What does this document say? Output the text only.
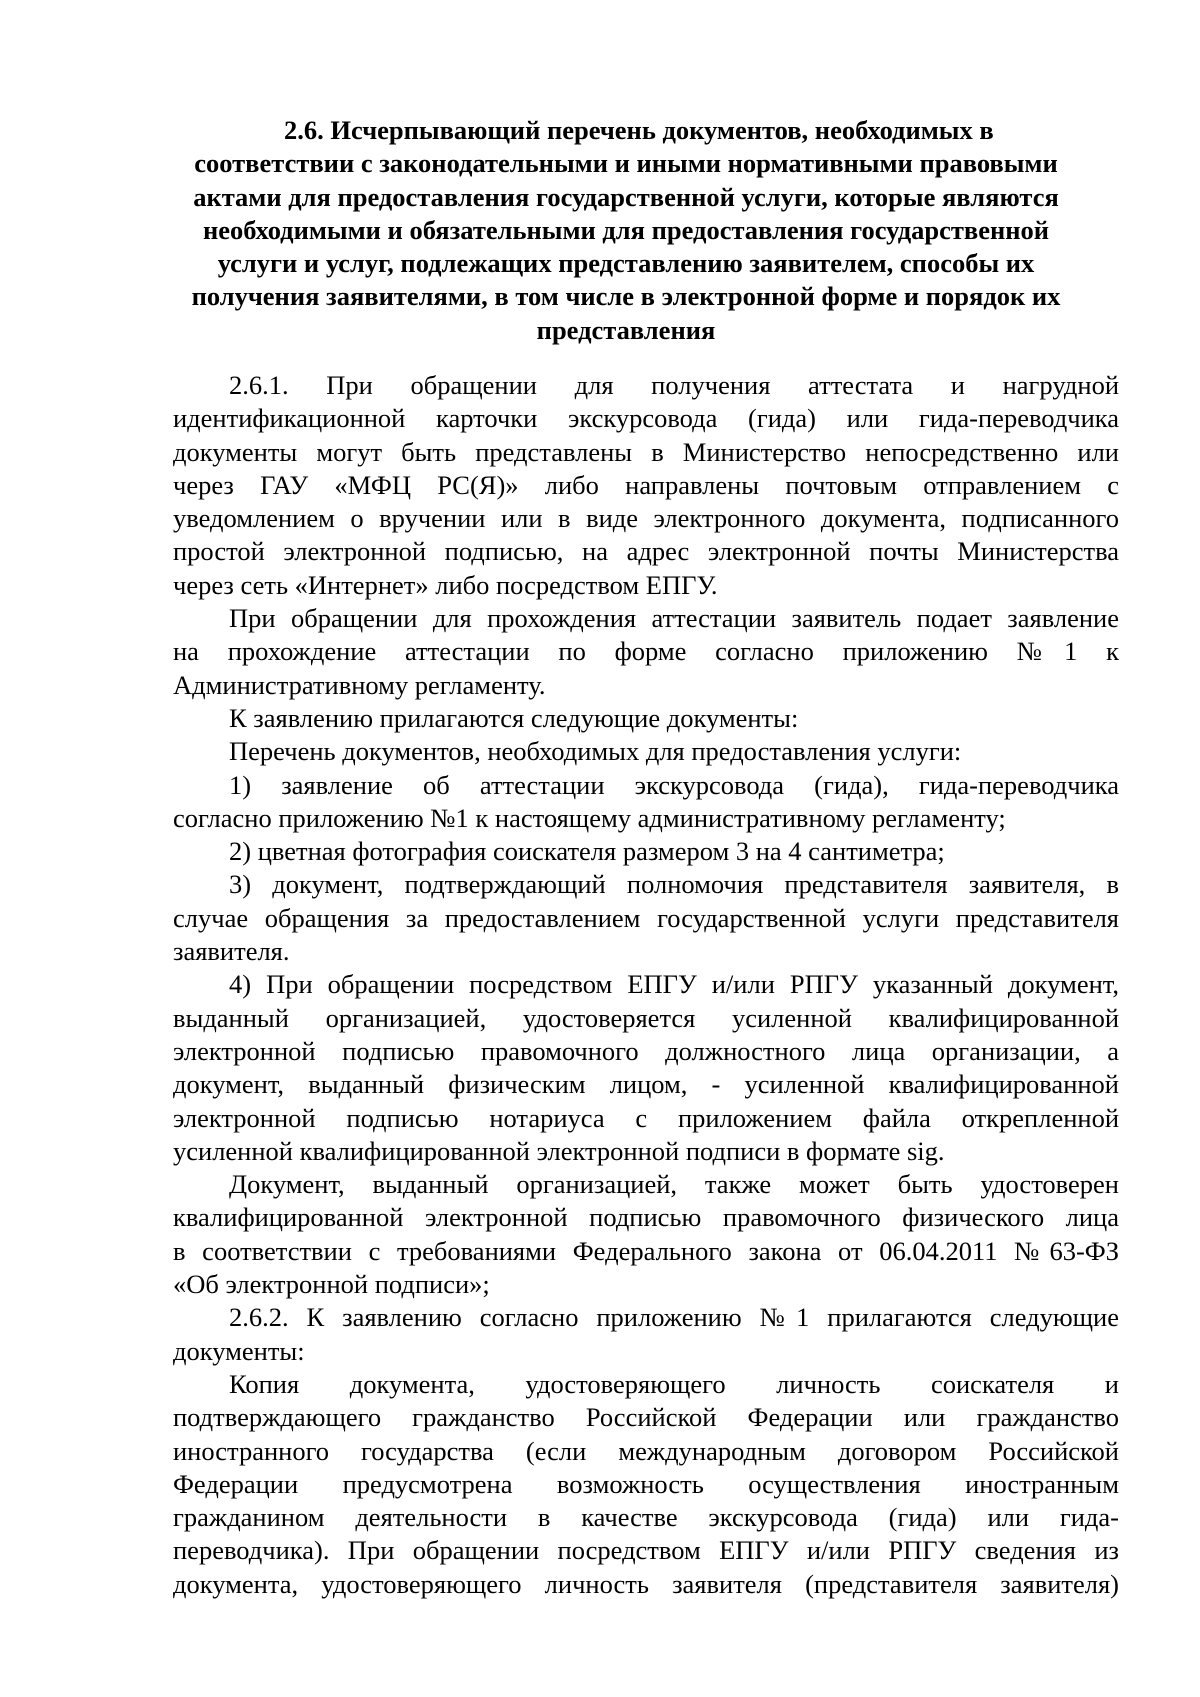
2.6. Исчерпывающий перечень документов, необходимых в
соответствии с законодательными и иными нормативными правовыми
актами для предоставления государственной услуги, которые являются
необходимыми и обязательными для предоставления государственной
услуги и услуг, подлежащих представлению заявителем, способы их
получения заявителями, в том числе в электронной форме и порядок их
представления
2.6.1. При обращении для получения аттестата и нагрудной
идентификационной карточки экскурсовода (гида) или гида-переводчика
документы могут быть представлены в Министерство непосредственно или
через ГАУ «МФЦ РС(Я)» либо направлены почтовым отправлением с
уведомлением о вручении или в виде электронного документа, подписанного
простой электронной подписью, на адрес электронной почты Министерства
через сеть «Интернет» либо посредством ЕПГУ.
При обращении для прохождения аттестации заявитель подает заявление
на прохождение аттестации по форме согласно приложению №1 к
Административному регламенту.
К заявлению прилагаются следующие документы:
Перечень документов, необходимых для предоставления услуги:
1) заявление об аттестации экскурсовода (гида), гида-переводчика
согласно приложению №1 к настоящему административному регламенту;
2) цветная фотография соискателя размером 3 на 4 сантиметра;
3) документ, подтверждающий полномочия представителя заявителя, в
случае обращения за предоставлением государственной услуги представителя
заявителя.
4) При обращении посредством ЕПГУ и/или РПГУ указанный документ,
выданный организацией, удостоверяется усиленной квалифицированной
электронной подписью правомочного должностного лица организации, а
документ, выданный физическим лицом, - усиленной квалифицированной
электронной подписью нотариуса с приложением файла открепленной
усиленной квалифицированной электронной подписи в формате sig.
Документ, выданный организацией, также может быть удостоверен
квалифицированной электронной подписью правомочного физического лица
в соответствии с требованиями Федерального закона от 06.04.2011 №63-ФЗ
«Об электронной подписи»;
2.6.2. К заявлению согласно приложению №1 прилагаются следующие
документы:
Копия документа, удостоверяющего личность соискателя и
подтверждающего гражданство Российской Федерации или гражданство
иностранного государства (если международным договором Российской
Федерации предусмотрена возможность осуществления иностранным
гражданином деятельности в качестве экскурсовода (гида) или гида-
переводчика). При обращении посредством ЕПГУ и/или РПГУ сведения из
документа, удостоверяющего личность заявителя (представителя заявителя)
